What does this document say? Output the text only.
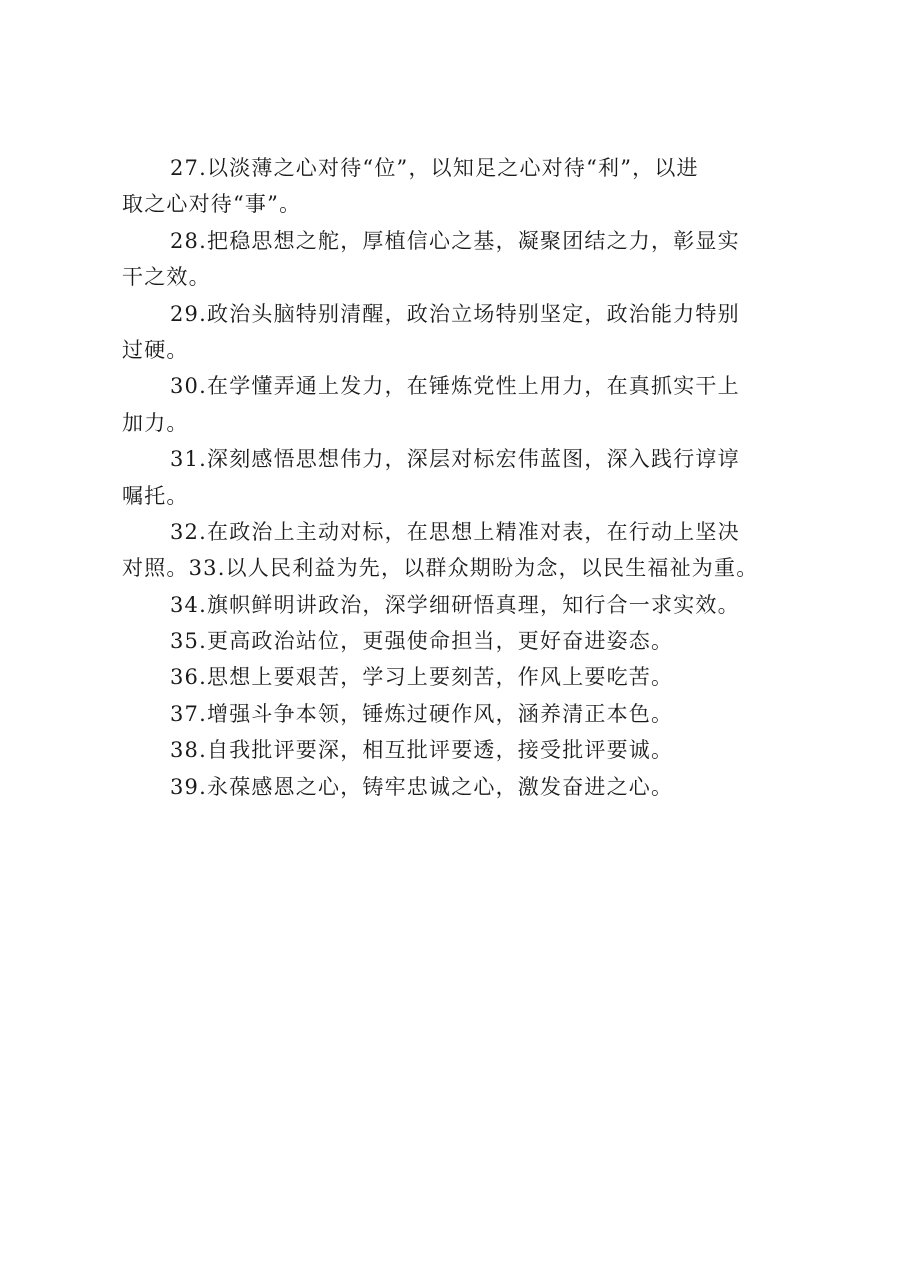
27.以淡薄之心对待“位”，以知足之心对待“利”，以进
取之心对待“事”。
28.把稳思想之舵，厚植信心之基，凝聚团结之力，彰显实
干之效。
29.政治头脑特别清醒，政治立场特别坚定，政治能力特别
过硬。
30.在学懂弄通上发力，在锤炼党性上用力，在真抓实干上
加力。
31.深刻感悟思想伟力，深层对标宏伟蓝图，深入践行谆谆
嘱托。
32.在政治上主动对标，在思想上精准对表，在行动上坚决
对照。33.以人民利益为先，以群众期盼为念，以民生福祉为重。
34.旗帜鲜明讲政治，深学细研悟真理，知行合一求实效。
35.更高政治站位，更强使命担当，更好奋进姿态。
36.思想上要艰苦，学习上要刻苦，作风上要吃苦。
37.增强斗争本领，锤炼过硬作风，涵养清正本色。
38.自我批评要深，相互批评要透，接受批评要诚。
39.永葆感恩之心，铸牢忠诚之心，激发奋进之心。
